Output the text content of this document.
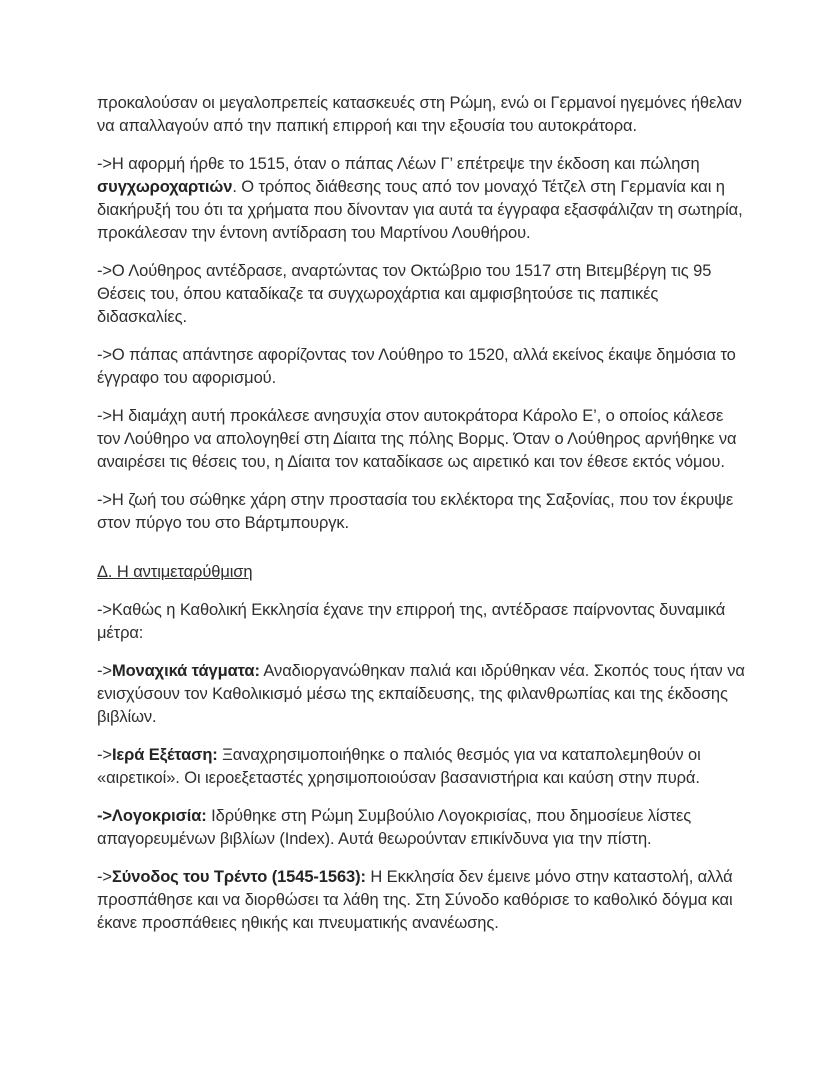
προκαλούσαν οι μεγαλοπρεπείς κατασκευές στη Ρώμη, ενώ οι Γερμανοί ηγεμόνες ήθελαν να απαλλαγούν από την παπική επιρροή και την εξουσία του αυτοκράτορα.

->Η αφορμή ήρθε το 1515, όταν ο πάπας Λέων Γ’ επέτρεψε την έκδοση και πώληση συγχωροχαρτιών. Ο τρόπος διάθεσης τους από τον μοναχό Τέτζελ στη Γερμανία και η διακήρυξή του ότι τα χρήματα που δίνονταν για αυτά τα έγγραφα εξασφάλιζαν τη σωτηρία, προκάλεσαν την έντονη αντίδραση του Μαρτίνου Λουθήρου.

->Ο Λούθηρος αντέδρασε, αναρτώντας τον Οκτώβριο του 1517 στη Βιτεμβέργη τις 95 Θέσεις του, όπου καταδίκαζε τα συγχωροχάρτια και αμφισβητούσε τις παπικές διδασκαλίες.

->Ο πάπας απάντησε αφορίζοντας τον Λούθηρο το 1520, αλλά εκείνος έκαψε δημόσια το έγγραφο του αφορισμού.

->Η διαμάχη αυτή προκάλεσε ανησυχία στον αυτοκράτορα Κάρολο Ε’, ο οποίος κάλεσε τον Λούθηρο να απολογηθεί στη Δίαιτα της πόλης Βορμς. Όταν ο Λούθηρος αρνήθηκε να αναιρέσει τις θέσεις του, η Δίαιτα τον καταδίκασε ως αιρετικό και τον έθεσε εκτός νόμου.

->Η ζωή του σώθηκε χάρη στην προστασία του εκλέκτορα της Σαξονίας, που τον έκρυψε στον πύργο του στο Βάρτμπουργκ.

Δ. Η αντιμεταρύθμιση

->Καθώς η Καθολική Εκκλησία έχανε την επιρροή της, αντέδρασε παίρνοντας δυναμικά μέτρα:

->Μοναχικά τάγματα: Αναδιοργανώθηκαν παλιά και ιδρύθηκαν νέα. Σκοπός τους ήταν να ενισχύσουν τον Καθολικισμό μέσω της εκπαίδευσης, της φιλανθρωπίας και της έκδοσης βιβλίων.

->Ιερά Εξέταση: Ξαναχρησιμοποιήθηκε ο παλιός θεσμός για να καταπολεμηθούν οι «αιρετικοί». Οι ιεροεξεταστές χρησιμοποιούσαν βασανιστήρια και καύση στην πυρά.

->Λογοκρισία: Ιδρύθηκε στη Ρώμη Συμβούλιο Λογοκρισίας, που δημοσίευε λίστες απαγορευμένων βιβλίων (Index). Αυτά θεωρούνταν επικίνδυνα για την πίστη.

->Σύνοδος του Τρέντο (1545-1563): Η Εκκλησία δεν έμεινε μόνο στην καταστολή, αλλά προσπάθησε και να διορθώσει τα λάθη της. Στη Σύνοδο καθόρισε το καθολικό δόγμα και έκανε προσπάθειες ηθικής και πνευματικής ανανέωσης.
